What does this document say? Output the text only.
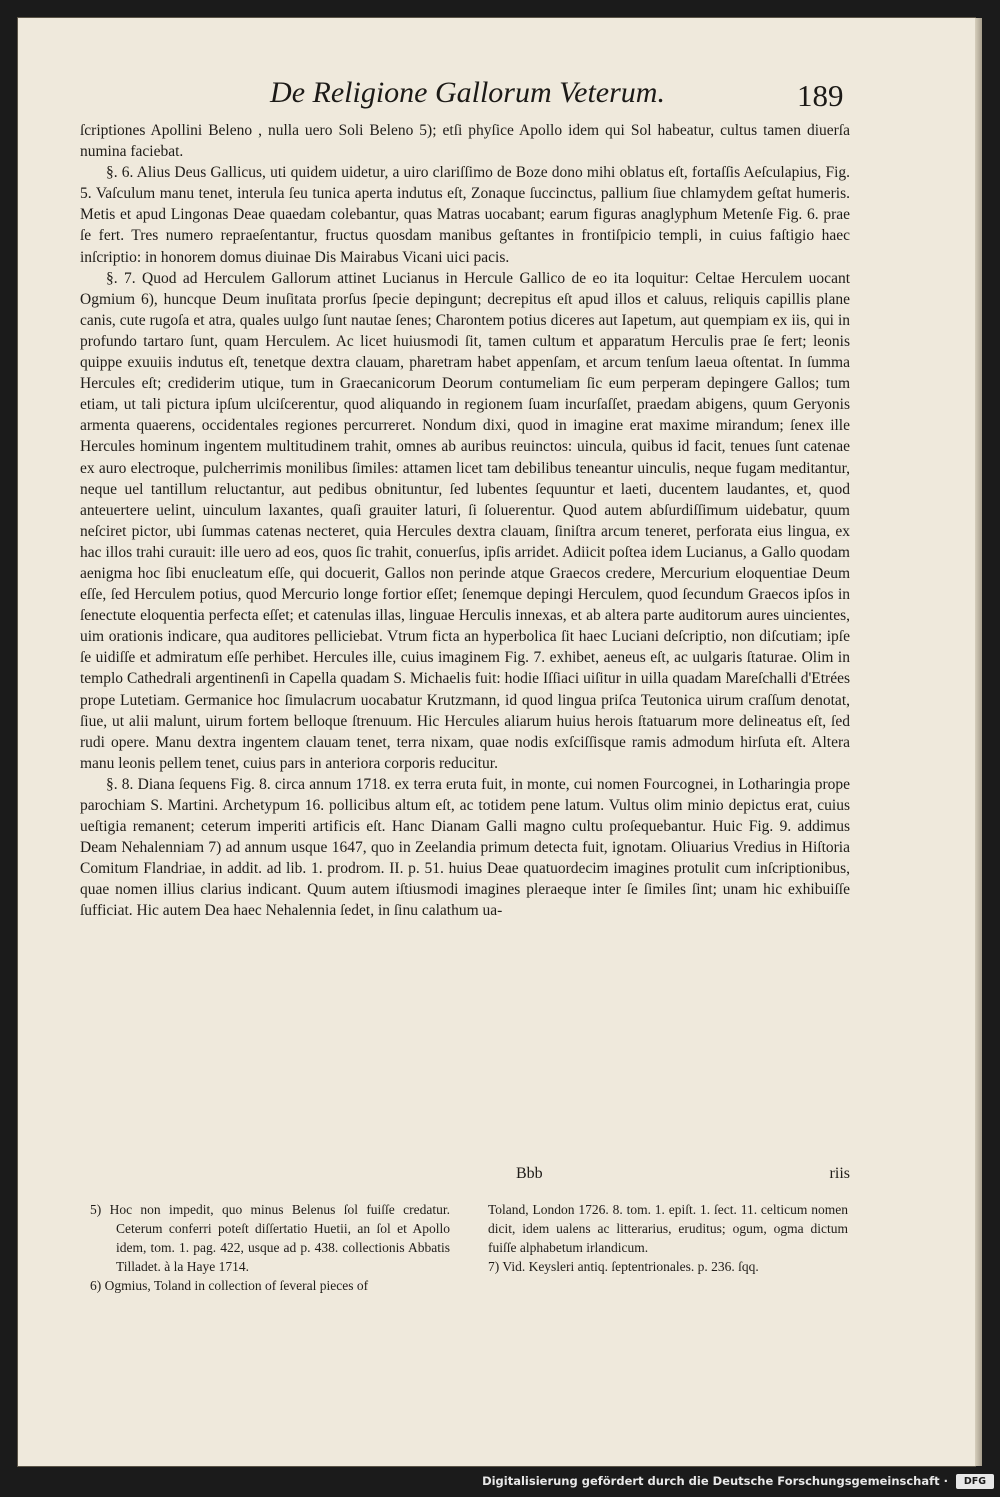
De Religione Gallorum Veterum.	189

ſcriptiones Apollini Beleno , nulla uero Soli Beleno 5); etſi phyſice Apollo idem qui Sol habeatur, cultus tamen diuerſa numina faciebat.

§. 6. Alius Deus Gallicus, uti quidem uidetur, a uiro clariſſimo de Boze dono mihi oblatus eſt, fortaſſis Aeſculapius, Fig. 5. Vaſculum manu tenet, interula ſeu tunica aperta indutus eſt, Zonaque ſuccinctus, pallium ſiue chlamydem geſtat humeris. Metis et apud Lingonas Deae quaedam colebantur, quas Matras uocabant; earum figuras anaglyphum Metenſe Fig. 6. prae ſe fert. Tres numero repraeſentantur, fructus quosdam manibus geſtantes in frontiſpicio templi, in cuius faſtigio haec inſcriptio: in honorem domus diuinae Dis Mairabus Vicani uici pacis.

§. 7. Quod ad Herculem Gallorum attinet Lucianus in Hercule Gallico de eo ita loquitur: Celtae Herculem uocant Ogmium 6), huncque Deum inuſitata prorſus ſpecie depingunt; decrepitus eſt apud illos et caluus, reliquis capillis plane canis, cute rugoſa et atra, quales uulgo ſunt nautae ſenes; Charontem potius diceres aut Iapetum, aut quempiam ex iis, qui in profundo tartaro ſunt, quam Herculem. Ac licet huiusmodi ſit, tamen cultum et apparatum Herculis prae ſe fert; leonis quippe exuuiis indutus eſt, tenetque dextra clauam, pharetram habet appenſam, et arcum tenſum laeua oſtentat. In ſumma Hercules eſt; crediderim utique, tum in Graecanicorum Deorum contumeliam ſic eum perperam depingere Gallos; tum etiam, ut tali pictura ipſum ulciſcerentur, quod aliquando in regionem ſuam incurſaſſet, praedam abigens, quum Geryonis armenta quaerens, occidentales regiones percurreret. Nondum dixi, quod in imagine erat maxime mirandum; ſenex ille Hercules hominum ingentem multitudinem trahit, omnes ab auribus reuinctos: uincula, quibus id facit, tenues ſunt catenae ex auro electroque, pulcherrimis monilibus ſimiles: attamen licet tam debilibus teneantur uinculis, neque fugam meditantur, neque uel tantillum reluctantur, aut pedibus obnituntur, ſed lubentes ſequuntur et laeti, ducentem laudantes, et, quod anteuertere uelint, uinculum laxantes, quaſi grauiter laturi, ſi ſoluerentur. Quod autem abſurdiſſimum uidebatur, quum neſciret pictor, ubi ſummas catenas necteret, quia Hercules dextra clauam, ſiniſtra arcum teneret, perforata eius lingua, ex hac illos trahi curauit: ille uero ad eos, quos ſic trahit, conuerſus, ipſis arridet. Adiicit poſtea idem Lucianus, a Gallo quodam aenigma hoc ſibi enucleatum eſſe, qui docuerit, Gallos non perinde atque Graecos credere, Mercurium eloquentiae Deum eſſe, ſed Herculem potius, quod Mercurio longe fortior eſſet; ſenemque depingi Herculem, quod ſecundum Graecos ipſos in ſenectute eloquentia perfecta eſſet; et catenulas illas, linguae Herculis innexas, et ab altera parte auditorum aures uincientes, uim orationis indicare, qua auditores pelliciebat. Vtrum ficta an hyperbolica ſit haec Luciani deſcriptio, non diſcutiam; ipſe ſe uidiſſe et admiratum eſſe perhibet. Hercules ille, cuius imaginem Fig. 7. exhibet, aeneus eſt, ac uulgaris ſtaturae. Olim in templo Cathedrali argentinenſi in Capella quadam S. Michaelis fuit: hodie Iſſiaci uiſitur in uilla quadam Mareſchalli d'Etrées prope Lutetiam. Germanice hoc ſimulacrum uocabatur Krutzmann, id quod lingua priſca Teutonica uirum craſſum denotat, ſiue, ut alii malunt, uirum fortem belloque ſtrenuum. Hic Hercules aliarum huius herois ſtatuarum more delineatus eſt, ſed rudi opere. Manu dextra ingentem clauam tenet, terra nixam, quae nodis exſciſſisque ramis admodum hirſuta eſt. Altera manu leonis pellem tenet, cuius pars in anteriora corporis reducitur.

§. 8. Diana ſequens Fig. 8. circa annum 1718. ex terra eruta fuit, in monte, cui nomen Fourcognei, in Lotharingia prope parochiam S. Martini. Archetypum 16. pollicibus altum eſt, ac totidem pene latum. Vultus olim minio depictus erat, cuius ueſtigia remanent; ceterum imperiti artificis eſt. Hanc Dianam Galli magno cultu proſequebantur. Huic Fig. 9. addimus Deam Nehalenniam 7) ad annum usque 1647, quo in Zeelandia primum detecta fuit, ignotam. Oliuarius Vredius in Hiſtoria Comitum Flandriae, in addit. ad lib. 1. prodrom. II. p. 51. huius Deae quatuordecim imagines protulit cum inſcriptionibus, quae nomen illius clarius indicant. Quum autem iſtiusmodi imagines pleraeque inter ſe ſimiles ſint; unam hic exhibuiſſe ſufficiat. Hic autem Dea haec Nehalennia ſedet, in ſinu calathum ua-

Bbb	riis

5) Hoc non impedit, quo minus Belenus ſol fuiſſe credatur. Ceterum conferri poteſt diſſertatio Huetii, an ſol et Apollo idem, tom. 1. pag. 422, usque ad p. 438. collectionis Abbatis Tilladet. à la Haye 1714.

6) Ogmius, Toland in collection of ſeveral pieces of

Toland, London 1726. 8. tom. 1. epiſt. 1. ſect. 11. celticum nomen dicit, idem ualens ac litterarius, eruditus; ogum, ogma dictum fuiſſe alphabetum irlandicum.

7) Vid. Keysleri antiq. ſeptentrionales. p. 236. ſqq.

Digitalisierung gefördert durch die Deutsche Forschungsgemeinschaft ·	DFG
